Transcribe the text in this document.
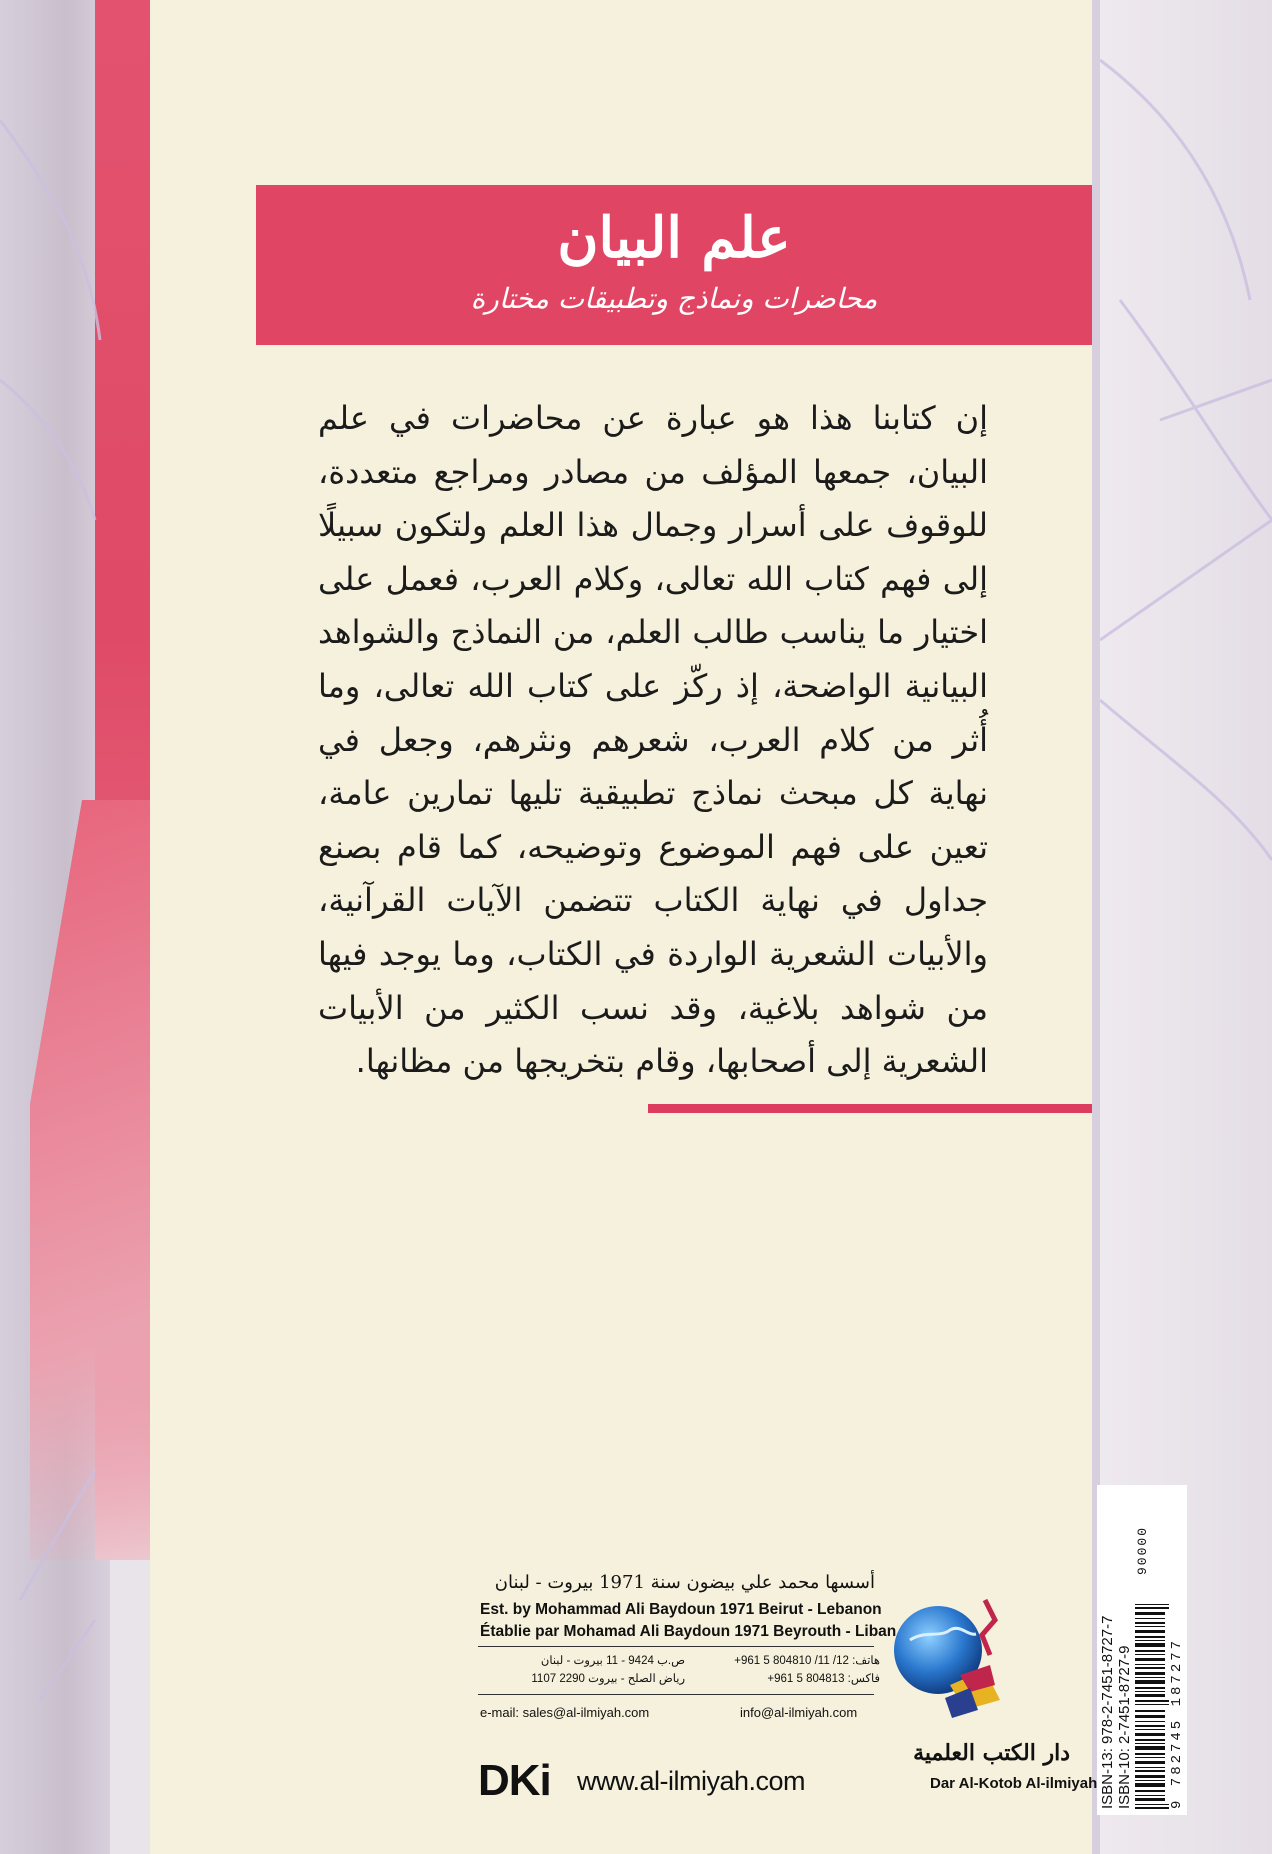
علم البيان
محاضرات ونماذج وتطبيقات مختارة
إن كتابنا هذا هو عبارة عن محاضرات في علم البيان، جمعها المؤلف من مصادر ومراجع متعددة، للوقوف على أسرار وجمال هذا العلم ولتكون سبيلًا إلى فهم كتاب الله تعالى، وكلام العرب، فعمل على اختيار ما يناسب طالب العلم، من النماذج والشواهد البيانية الواضحة، إذ ركّز على كتاب الله تعالى، وما أُثر من كلام العرب، شعرهم ونثرهم، وجعل في نهاية كل مبحث نماذج تطبيقية تليها تمارين عامة، تعين على فهم الموضوع وتوضيحه، كما قام بصنع جداول في نهاية الكتاب تتضمن الآيات القرآنية، والأبيات الشعرية الواردة في الكتاب، وما يوجد فيها من شواهد بلاغية، وقد نسب الكثير من الأبيات الشعرية إلى أصحابها، وقام بتخريجها من مظانها.
ISBN-13: 978-2-7451-8727-7 ISBN-10: 2-7451-8727-9	9 782745 187277
90000
أسسها محمد علي بيضون سنة 1971 بيروت - لبنان
Est. by Mohammad Ali Baydoun 1971 Beirut - Lebanon
Établie par Mohamad Ali Baydoun 1971 Beyrouth - Liban
ص.ب 9424 - 11 بيروت - لبنان	هاتف: 12/ 11/ 804810 5 961+
رياض الصلح - بيروت 2290 1107	فاكس: 804813 5 961+
e-mail: sales@al-ilmiyah.com	info@al-ilmiyah.com
DKi www.al-ilmiyah.com
دار الكتب العلمية
Dar Al-Kotob Al-ilmiyah
